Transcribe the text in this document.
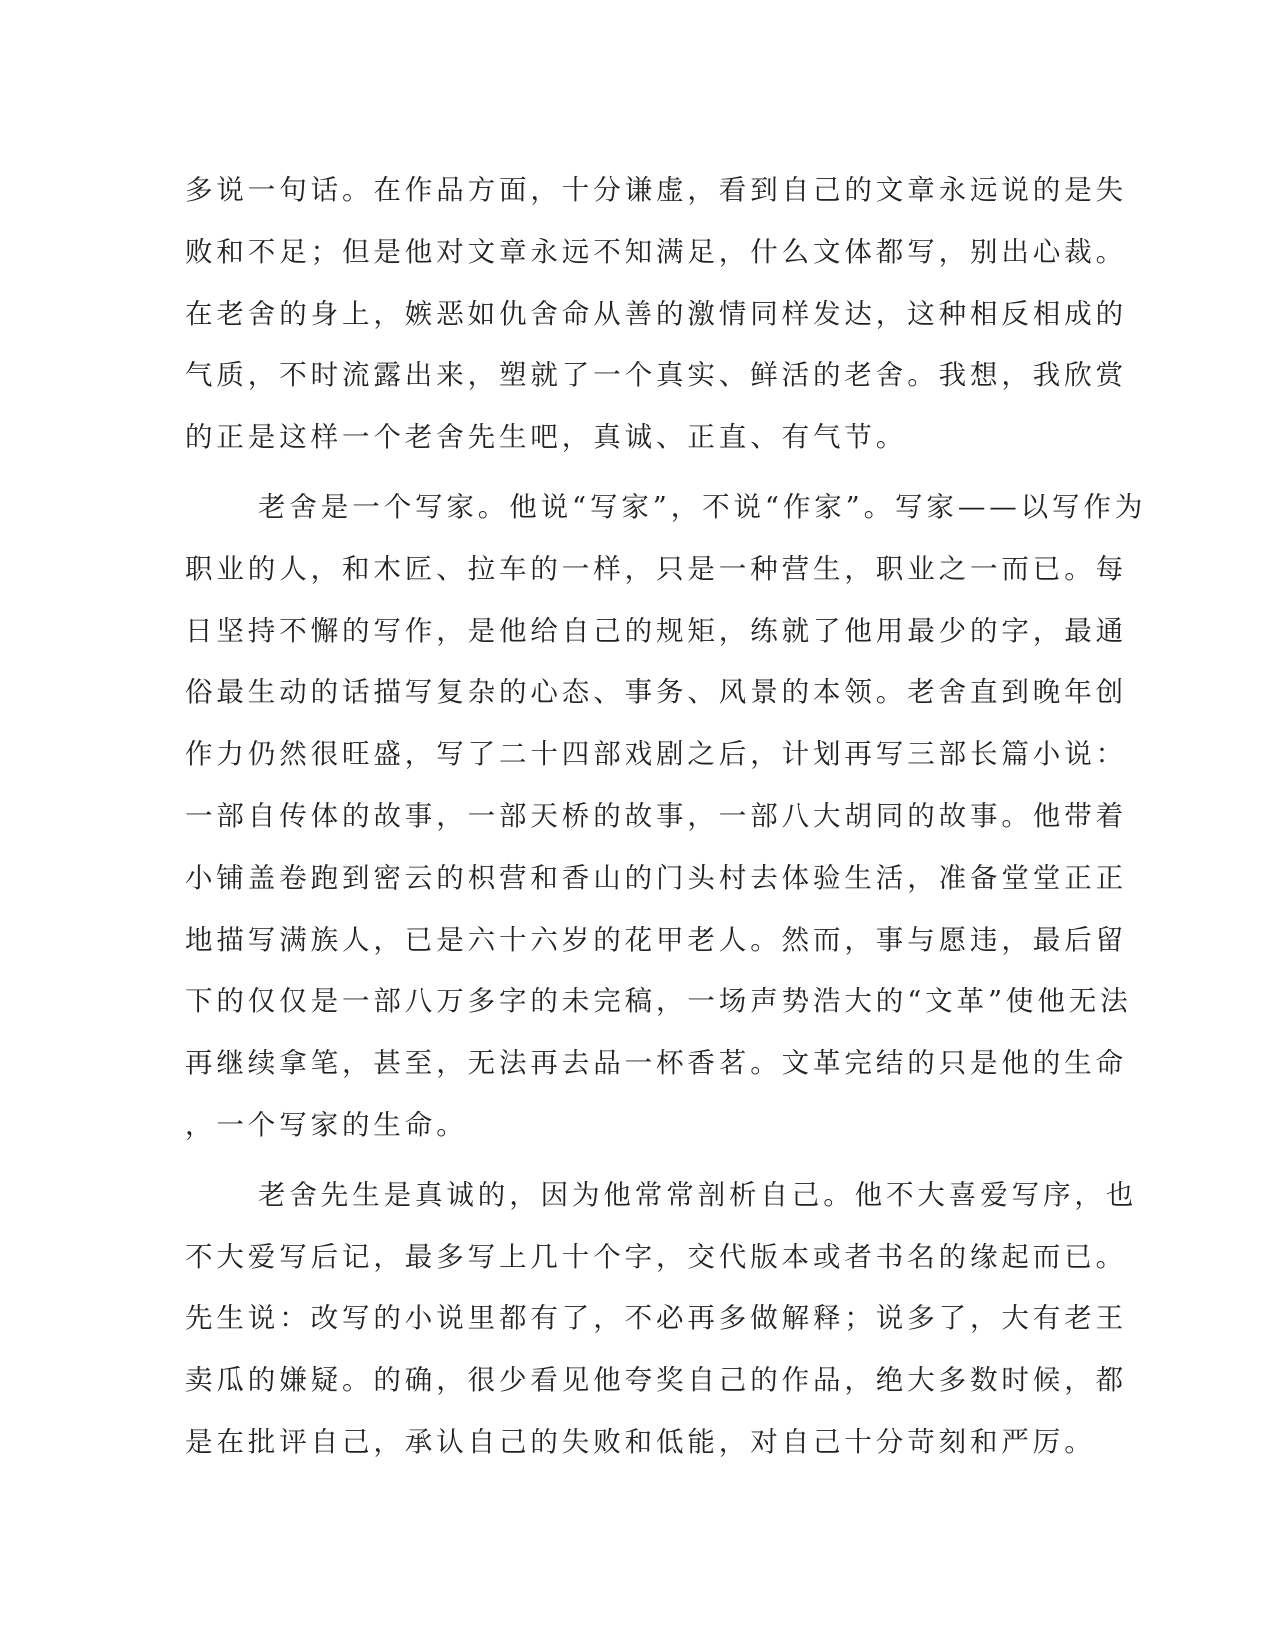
多说一句话。在作品方面，十分谦虚，看到自己的文章永远说的是失
败和不足；但是他对文章永远不知满足，什么文体都写，别出心裁。
在老舍的身上，嫉恶如仇舍命从善的激情同样发达，这种相反相成的
气质，不时流露出来，塑就了一个真实、鲜活的老舍。我想，我欣赏
的正是这样一个老舍先生吧，真诚、正直、有气节。
老舍是一个写家。他说“写家”，不说“作家”。写家——以写作为
职业的人，和木匠、拉车的一样，只是一种营生，职业之一而已。每
日坚持不懈的写作，是他给自己的规矩，练就了他用最少的字，最通
俗最生动的话描写复杂的心态、事务、风景的本领。老舍直到晚年创
作力仍然很旺盛，写了二十四部戏剧之后，计划再写三部长篇小说：
一部自传体的故事，一部天桥的故事，一部八大胡同的故事。他带着
小铺盖卷跑到密云的枳营和香山的门头村去体验生活，准备堂堂正正
地描写满族人，已是六十六岁的花甲老人。然而，事与愿违，最后留
下的仅仅是一部八万多字的未完稿，一场声势浩大的“文革”使他无法
再继续拿笔，甚至，无法再去品一杯香茗。文革完结的只是他的生命
，一个写家的生命。
老舍先生是真诚的，因为他常常剖析自己。他不大喜爱写序，也
不大爱写后记，最多写上几十个字，交代版本或者书名的缘起而已。
先生说：改写的小说里都有了，不必再多做解释；说多了，大有老王
卖瓜的嫌疑。的确，很少看见他夸奖自己的作品，绝大多数时候，都
是在批评自己，承认自己的失败和低能，对自己十分苛刻和严厉。
